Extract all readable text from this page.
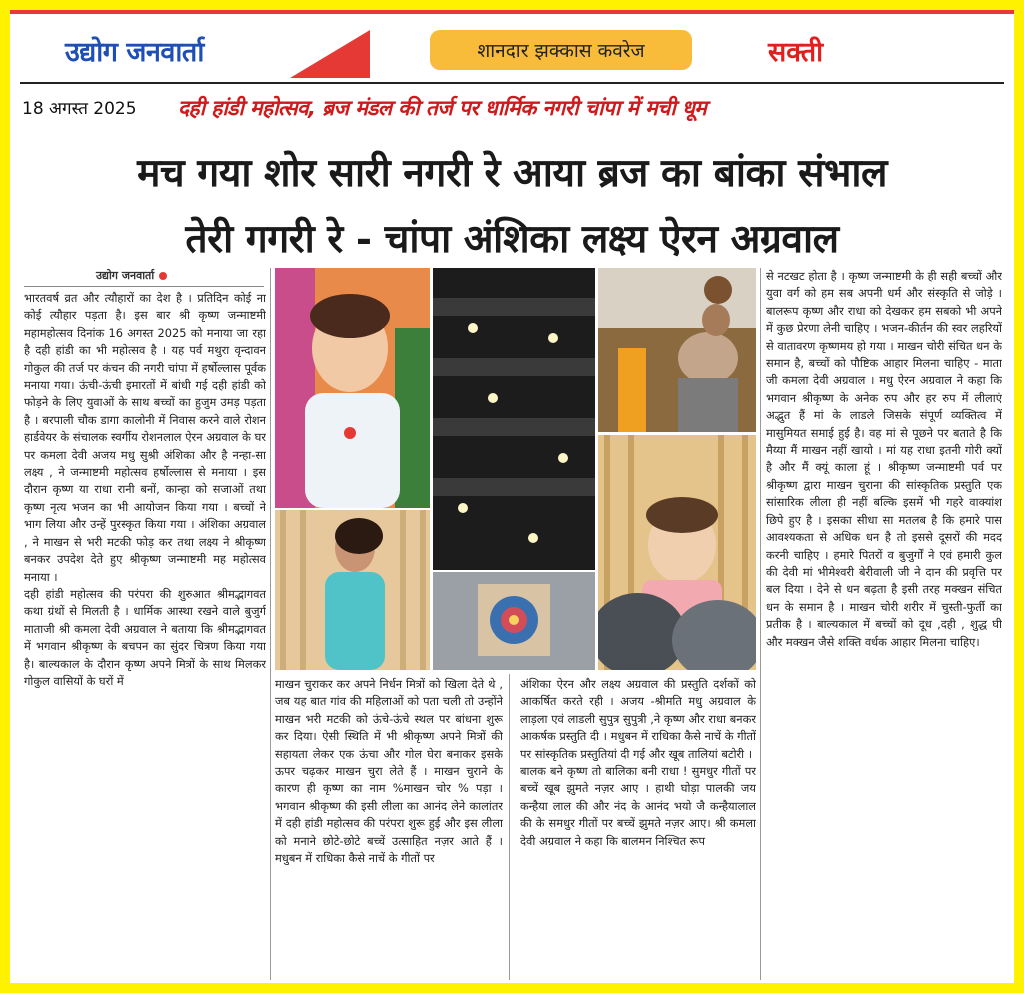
उद्योग जनवार्ता	शानदार झक्कास कवरेज	सक्ती
18 अगस्त 2025 दही हांडी महोत्सव, ब्रज मंडल की तर्ज पर धार्मिक नगरी चांपा में मची धूम
मच गया शोर सारी नगरी रे आया ब्रज का बांका संभाल
तेरी गगरी रे - चांपा अंशिका लक्ष्य ऐरन अग्रवाल
उद्योग जनवार्ता

भारतवर्ष व्रत और त्यौहारों का देश है । प्रतिदिन कोई ना कोई त्यौहार पड़ता है। इस बार श्री कृष्ण जन्माष्टमी महामहोत्सव दिनांक 16 अगस्त 2025 को मनाया जा रहा है दही हांडी का भी महोत्सव है । यह पर्व मथुरा वृन्दावन गोकुल की तर्ज पर कंचन की नगरी चांपा में हर्षोल्लास पूर्वक मनाया गया। ऊंची-ऊंची इमारतों में बांधी गई दही हांडी को फोड़ने के लिए युवाओं के साथ बच्चों का हुजुम उमड़ पड़ता है । बरपाली चौक डागा कालोनी में निवास करने वाले रोशन हार्डवेयर के संचालक स्वर्गीय रोशनलाल ऐरन अग्रवाल के घर पर कमला देवी अजय मधु सुश्री अंशिका और है नन्हा-सा लक्ष्य , ने जन्माष्टमी महोत्सव हर्षोल्लास से मनाया । इस दौरान कृष्ण या राधा रानी बनों, कान्हा को सजाओं तथा कृष्ण नृत्य भजन का भी आयोजन किया गया । बच्चों ने भाग लिया और उन्हें पुरस्कृत किया गया । अंशिका अग्रवाल , ने माखन से भरी मटकी फोड़ कर तथा लक्ष्य ने श्रीकृष्ण बनकर उपदेश देते हुए श्रीकृष्ण जन्माष्टमी मह महोत्सव मनाया ।

दही हांडी महोत्सव की परंपरा की शुरुआत श्रीमद्भागवत कथा ग्रंथों से मिलती है । धार्मिक आस्था रखने वाले बुजुर्ग माताजी श्री कमला देवी अग्रवाल ने बताया कि श्रीमद्भागवत में भगवान श्रीकृष्ण के बचपन का सुंदर चित्रण किया गया है। बाल्यकाल के दौरान कृष्ण अपने मित्रों के साथ मिलकर गोकुल वासियों के घरों में	माखन चुराकर कर अपने निर्धन मित्रों को खिला देते थे , जब यह बात गांव की महिलाओं को पता चली तो उन्होंने माखन भरी मटकी को ऊंचे-ऊंचे स्थल पर बांधना शुरू कर दिया। ऐसी स्थिति में भी श्रीकृष्ण अपने मित्रों की सहायता लेकर एक ऊंचा और गोल घेरा बनाकर इसके ऊपर चढ़कर माखन चुरा लेते हैं । माखन चुराने के कारण ही कृष्ण का नाम %माखन चोर % पड़ा । भगवान श्रीकृष्ण की इसी लीला का आनंद लेने कालांतर में दही हांडी महोत्सव की परंपरा शुरू हुई और इस लीला को मनाने छोटे-छोटे बच्चें उत्साहित नज़र आते हैं । मधुबन में राधिका कैसे नाचें के गीतों पर

अंशिका ऐरन और लक्ष्य अग्रवाल की प्रस्तुति दर्शकों को आकर्षित करते रही । अजय -श्रीमति मधु अग्रवाल के लाड़ला एवं लाडली सुपुत्र सुपुत्री ,ने कृष्ण और राधा बनकर आकर्षक प्रस्तुति दी । मधुबन में राधिका कैसे नाचें के गीतों पर सांस्कृतिक प्रस्तुतियां दी गई और खूब तालियां बटोरी ।

बालक बने कृष्ण तो बालिका बनी राधा ! सुमधुर गीतों पर बच्चें खूब झुमते नज़र आए । हाथी घोड़ा पालकी जय कन्हैया लाल की और नंद के आनंद भयो जै कन्हैयालाल की के समधुर गीतों पर बच्चें झुमते नज़र आए। श्री कमला देवी अग्रवाल ने कहा कि बालमन निश्चित रूप

से नटखट होता है । कृष्ण जन्माष्टमी के ही सही बच्चों और युवा वर्ग को हम सब अपनी धर्म और संस्कृति से जोड़े । बालरूप कृष्ण और राधा को देखकर हम सबको भी अपने में कुछ प्रेरणा लेनी चाहिए । भजन-कीर्तन की स्वर लहरियों से वातावरण कृष्णमय हो गया । माखन चोरी संचित धन के समान है, बच्चों को पौष्टिक आहार मिलना चाहिए - माता जी कमला देवी अग्रवाल । मधु ऐरन अग्रवाल ने कहा कि भगवान श्रीकृष्ण के अनेक रुप और हर रुप में लीलाएं अद्भुत हैं मां के लाडले जिसके संपूर्ण व्यक्तित्व में मासुमियत समाई हुई है। वह मां से पूछने पर बताते है कि मैय्या मैं माखन नहीं खायो । मां यह राधा इतनी गोरी क्यों है और मैं क्यूं काला हूं । श्रीकृष्ण जन्माष्टमी पर्व पर श्रीकृष्ण द्वारा माखन चुराना की सांस्कृतिक प्रस्तुति एक सांसारिक लीला ही नहीं बल्कि इसमें भी गहरे वाक्यांश छिपे हुए है । इसका सीधा सा मतलब है कि हमारे पास आवश्यकता से अधिक धन है तो इससे दूसरों की मदद करनी चाहिए । हमारे पितरों व बुजुर्गों ने एवं हमारी कुल की देवी मां भीमेश्वरी बेरीवाली जी ने दान की प्रवृत्ति पर बल दिया । देने से धन बढ़ता है इसी तरह मक्खन संचित धन के समान है । माखन चोरी शरीर में चुस्ती-फुर्ती का प्रतीक है । बाल्यकाल में बच्चों को दूध ,दही , शुद्ध घी और मक्खन जैसे शक्ति वर्धक आहार मिलना चाहिए।
